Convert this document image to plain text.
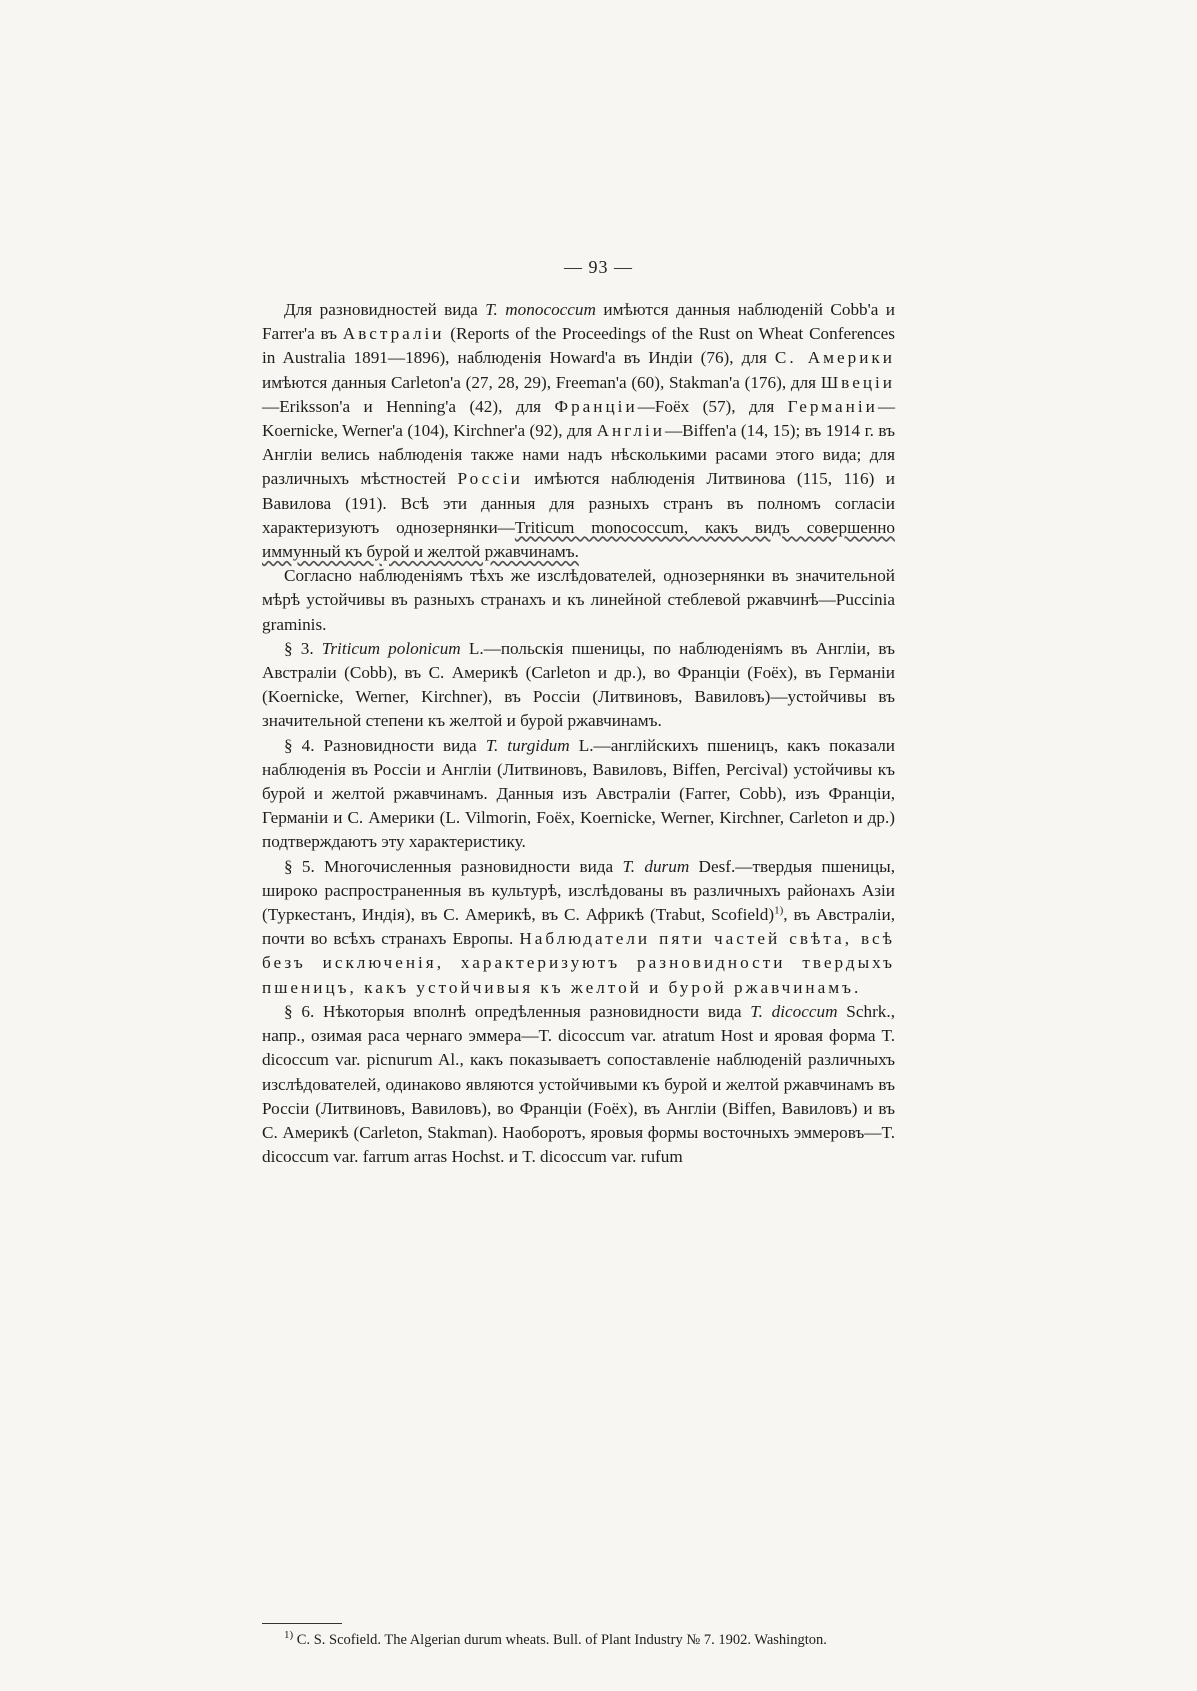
— 93 —

Для разновидностей вида T. monococcum имѣются данныя наблюденій Cobb'a и Farrer'a въ Австраліи (Reports of the Proceedings of the Rust on Wheat Conferences in Australia 1891—1896), наблюденія Howard'a въ Индіи (76), для С. Америки имѣются данныя Carleton'a (27, 28, 29), Freeman'a (60), Stakman'a (176), для Швеціи—Eriksson'a и Henning'a (42), для Франціи—Foёx (57), для Германіи—Koernicke, Werner'a (104), Kirchner'a (92), для Англіи—Biffen'a (14, 15); въ 1914 г. въ Англіи велись наблюденія также нами надъ нѣсколькими расами этого вида; для различныхъ мѣстностей Россіи имѣются наблюденія Литвинова (115, 116) и Вавилова (191). Всѣ эти данныя для разныхъ странъ въ полномъ согласіи характеризуютъ однозернянки—Triticum monococcum, какъ видъ совершенно иммунный къ бурой и желтой ржавчинамъ.

Согласно наблюденіямъ тѣхъ же изслѣдователей, однозернянки въ значительной мѣрѣ устойчивы въ разныхъ странахъ и къ линейной стеблевой ржавчинѣ—Puccinia graminis.

§ 3. Triticum polonicum L.—польскія пшеницы, по наблюденіямъ въ Англіи, въ Австраліи (Cobb), въ С. Америкѣ (Carleton и др.), во Франціи (Foёx), въ Германіи (Koernicke, Werner, Kirchner), въ Россіи (Литвиновъ, Вавиловъ)—устойчивы въ значительной степени къ желтой и бурой ржавчинамъ.

§ 4. Разновидности вида T. turgidum L.—англійскихъ пшеницъ, какъ показали наблюденія въ Россіи и Англіи (Литвиновъ, Вавиловъ, Biffen, Percival) устойчивы къ бурой и желтой ржавчинамъ. Данныя изъ Австраліи (Farrer, Cobb), изъ Франціи, Германіи и С. Америки (L. Vilmorin, Foёx, Koernicke, Werner, Kirchner, Carleton и др.) подтверждаютъ эту характеристику.

§ 5. Многочисленныя разновидности вида T. durum Desf.—твердыя пшеницы, широко распространенныя въ культурѣ, изслѣдованы въ различныхъ районахъ Азіи (Туркестанъ, Индія), въ С. Америкѣ, въ С. Африкѣ (Trabut, Scofield)$^{1)}$, въ Австраліи, почти во всѣхъ странахъ Европы. Наблюдатели пяти частей свѣта, всѣ безъ исключенія, характеризуютъ разновидности твердыхъ пшеницъ, какъ устойчивыя къ желтой и бурой ржавчинамъ.

§ 6. Нѣкоторыя вполнѣ опредѣленныя разновидности вида T. dicoccum Schrk., напр., озимая раса чернаго эммера—T. dicoccum var. atratum Host и яровая форма T. dicoccum var. picnurum Al., какъ показываетъ сопоставленіе наблюденій различныхъ изслѣдователей, одинаково являются устойчивыми къ бурой и желтой ржавчинамъ въ Россіи (Литвиновъ, Вавиловъ), во Франціи (Foёx), въ Англіи (Biffen, Вавиловъ) и въ С. Америкѣ (Carleton, Stakman). Наоборотъ, яровыя формы восточныхъ эммеровъ—T. dicoccum var. farrum arras Hochst. и T. dicoccum var. rufum

$^{1)}$ C. S. Scofield. The Algerian durum wheats. Bull. of Plant Industry № 7. 1902. Washington.
